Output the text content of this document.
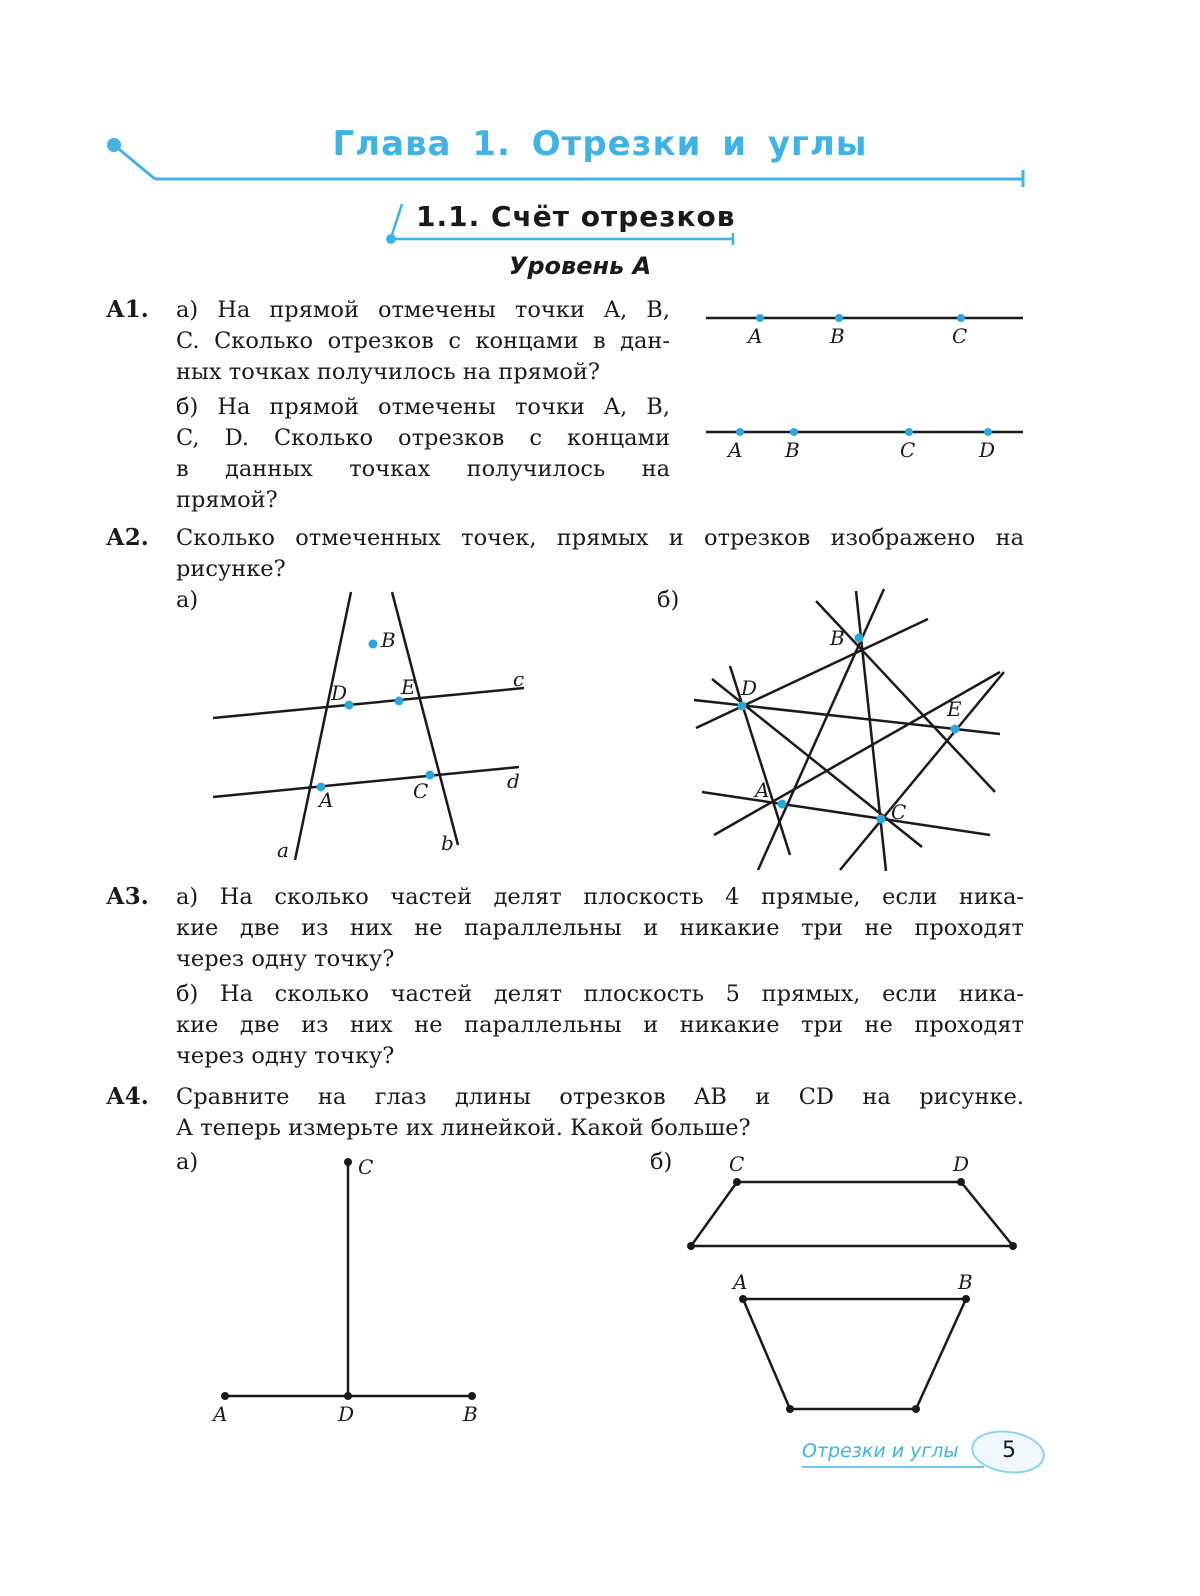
Глава 1. Отрезки и углы
1.1. Счёт отрезков
Уровень А
А1. а) На прямой отмечены точки A, B,
C. Сколько отрезков с концами в дан-
ных точках получилось на прямой?
б) На прямой отмечены точки A, B,
C, D. Сколько отрезков с концами
в данных точках получилось на
прямой?
A	B	C
A B	C	D
А2. Сколько отмеченных точек, прямых и отрезков изображено на
рисунке?
а)	б)
B
D	E	c
A	C	d
a	b
B
D
E
A
C
А3. а) На сколько частей делят плоскость 4 прямые, если ника-
кие две из них не параллельны и никакие три не проходят
через одну точку?
б) На сколько частей делят плоскость 5 прямых, если ника-
кие две из них не параллельны и никакие три не проходят
через одну точку?
А4. Сравните на глаз длины отрезков AB и CD на рисунке.
А теперь измерьте их линейкой. Какой больше?
а)	б)
C
A	D	B
C	D
A	B
Отрезки и углы 5
